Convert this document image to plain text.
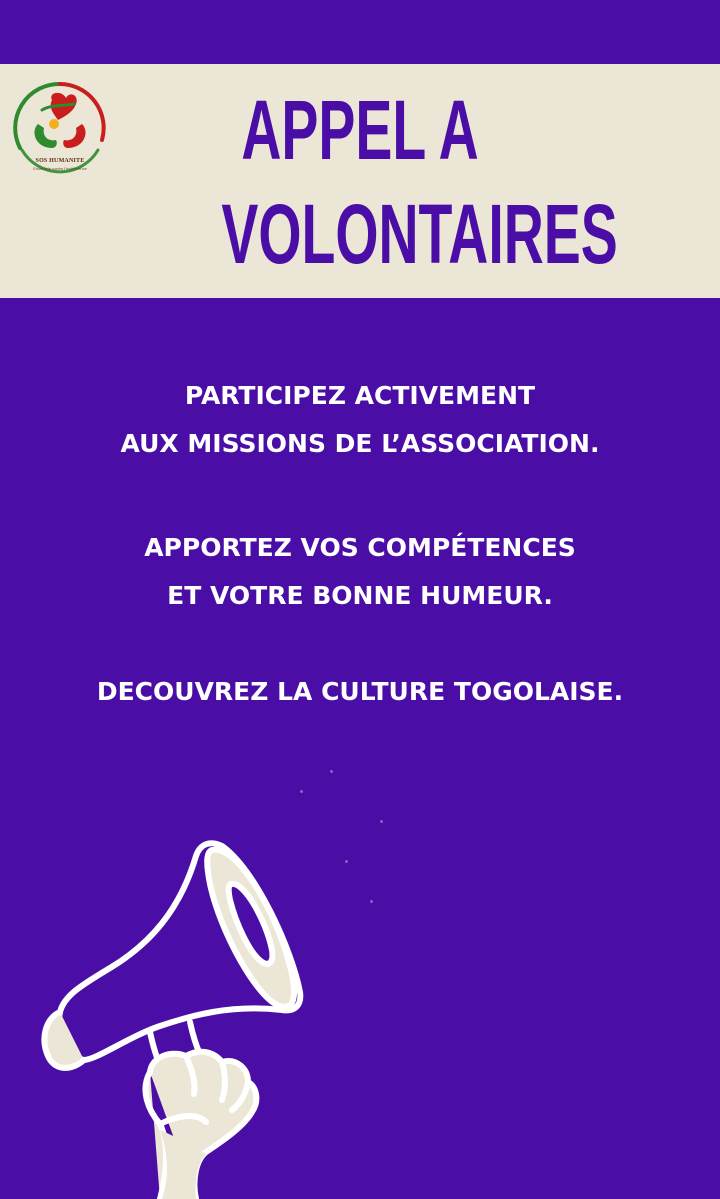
SOS HUMANITE
Ensemble contre l'Indifférence	APPEL A
VOLONTAIRES
PARTICIPEZ ACTIVEMENT
AUX MISSIONS DE L’ASSOCIATION.
APPORTEZ VOS COMPÉTENCES
ET VOTRE BONNE HUMEUR.
DECOUVREZ LA CULTURE TOGOLAISE.
